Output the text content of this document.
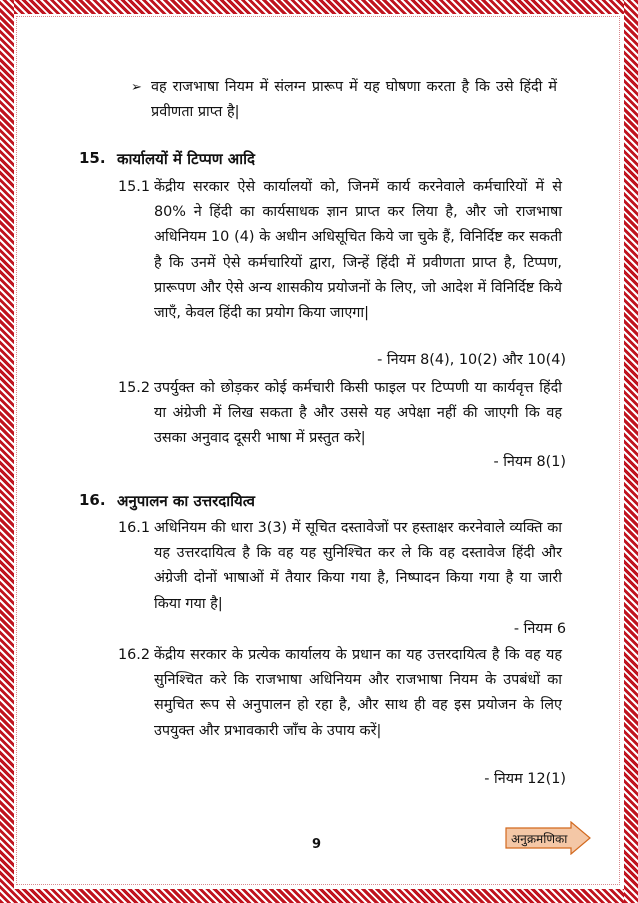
➢ वह राजभाषा नियम में संलग्न प्रारूप में यह घोषणा करता है कि उसे हिंदी में प्रवीणता प्राप्त है|
15. कार्यालयों में टिप्पण आदि
15.1 केंद्रीय सरकार ऐसे कार्यालयों को, जिनमें कार्य करनेवाले कर्मचारियों में से 80% ने हिंदी का कार्यसाधक ज्ञान प्राप्त कर लिया है, और जो राजभाषा अधिनियम 10 (4) के अधीन अधिसूचित किये जा चुके हैं, विनिर्दिष्ट कर सकती है कि उनमें ऐसे कर्मचारियों द्वारा, जिन्हें हिंदी में प्रवीणता प्राप्त है, टिप्पण, प्रारूपण और ऐसे अन्य शासकीय प्रयोजनों के लिए, जो आदेश में विनिर्दिष्ट किये जाएँ, केवल हिंदी का प्रयोग किया जाएगा|
- नियम 8(4), 10(2) और 10(4)
15.2 उपर्युक्त को छोड़कर कोई कर्मचारी किसी फाइल पर टिप्पणी या कार्यवृत्त हिंदी या अंग्रेजी में लिख सकता है और उससे यह अपेक्षा नहीं की जाएगी कि वह उसका अनुवाद दूसरी भाषा में प्रस्तुत करे|
- नियम 8(1)
16. अनुपालन का उत्तरदायित्व
16.1 अधिनियम की धारा 3(3) में सूचित दस्तावेजों पर हस्ताक्षर करनेवाले व्यक्ति का यह उत्तरदायित्व है कि वह यह सुनिश्चित कर ले कि वह दस्तावेज हिंदी और अंग्रेजी दोनों भाषाओं में तैयार किया गया है, निष्पादन किया गया है या जारी किया गया है|
- नियम 6
16.2 केंद्रीय सरकार के प्रत्येक कार्यालय के प्रधान का यह उत्तरदायित्व है कि वह यह सुनिश्चित करे कि राजभाषा अधिनियम और राजभाषा नियम के उपबंधों का समुचित रूप से अनुपालन हो रहा है, और साथ ही वह इस प्रयोजन के लिए उपयुक्त और प्रभावकारी जाँच के उपाय करें|
- नियम 12(1)
9	अनुक्रमणिका
